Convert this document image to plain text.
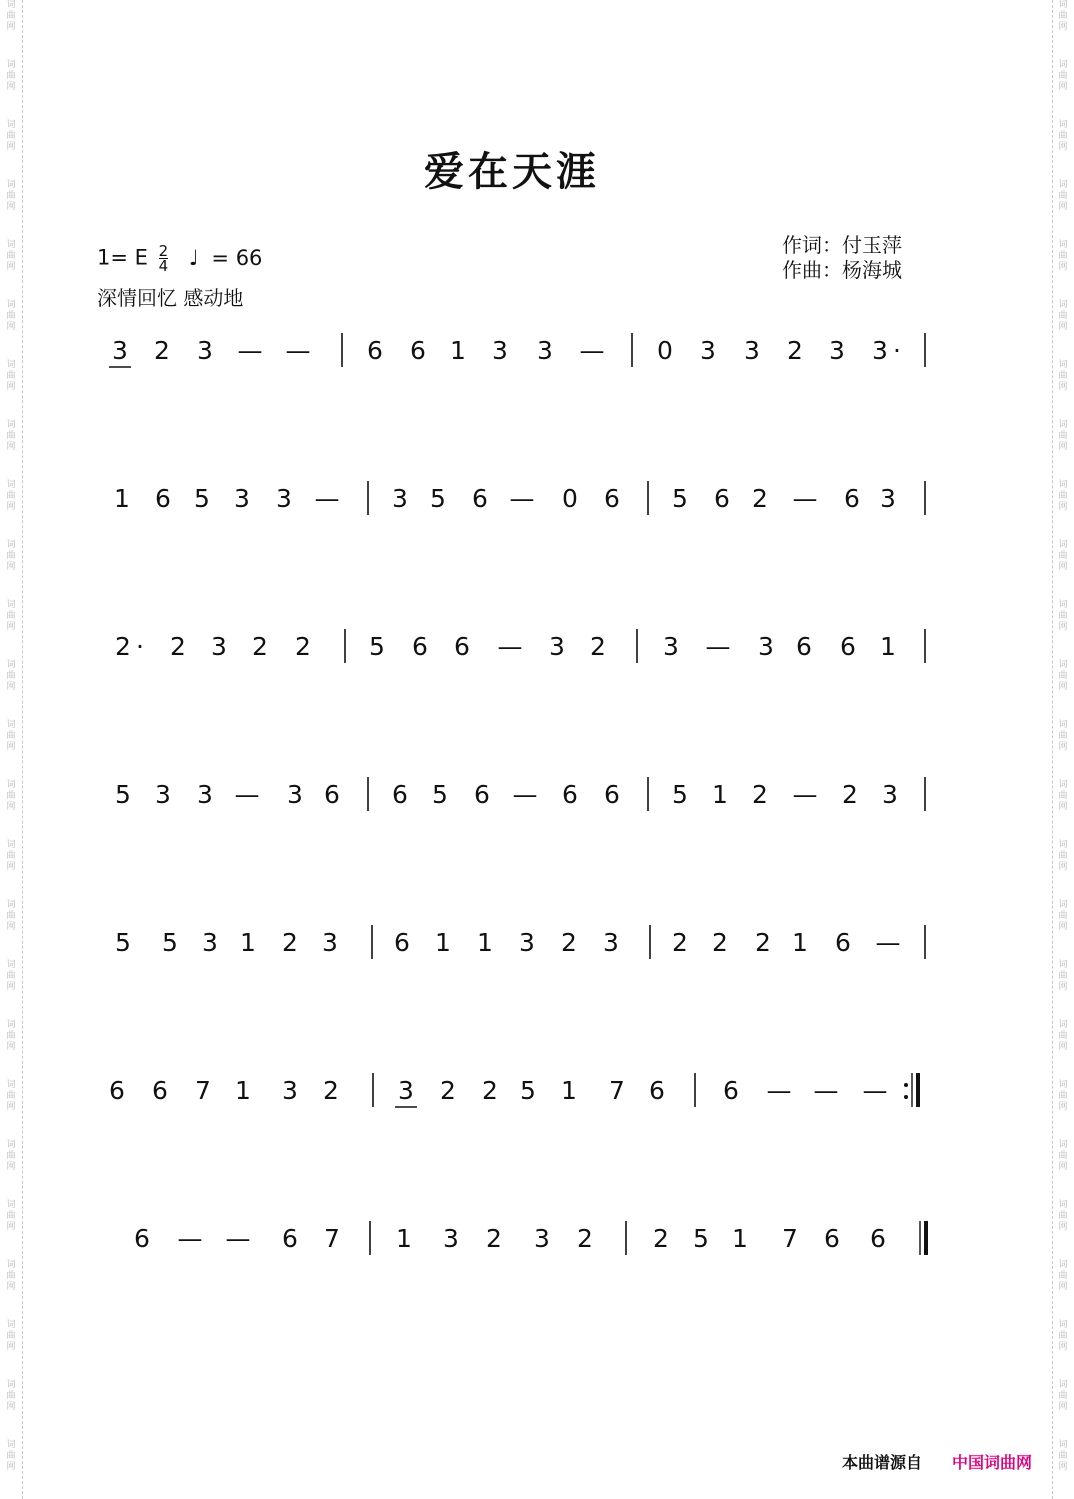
词
曲
网
词
曲
网
词
曲
网
词
曲
网
词
曲
网
词
曲
网
词
曲
网
词
曲
网
词
曲
网
词
曲
网
词
曲
网
词
曲
网
词
曲
网
词
曲
网
词
曲
网
词
曲
网
词
曲
网
词
曲
网
词
曲
网
词
曲
网
词
曲
网
词
曲
网
词
曲
网
词
曲
网
词
曲
网
词
曲
网
词
曲
网
词
曲
网
词
曲
网
词
曲
网
词
曲
网
词
曲
网
词
曲
网
词
曲
网
词
曲
网
词
曲
网
词
曲
网
词
曲
网
词
曲
网
词
曲
网
词
曲
网
词
曲
网
词
曲
网
词
曲
网
词
曲
网
词
曲
网
词
曲
网
词
曲
网
词
曲
网
词
曲
网
爱在天涯
1= E $\frac{2}{4}$ ♩ = 66
深情回忆 感动地
作词：付玉萍
作曲：杨海城
3 2 3 — — 6 6 1 3 3 — 0 3 3 2 3 3 ·
1 6 5 3 3 — 3 5 6 — 0 6 5 6 2 — 6 3
2 · 2 3 2 2 5 6 6 — 3 2 3 — 3 6 6 1
5 3 3 — 3 6 6 5 6 — 6 6 5 1 2 — 2 3
5 5 3 1 2 3 6 1 1 3 2 3 2 2 2 1 6 —
6 6 7 1 3 2 3 2 2 5 1 7 6 6 — — —
6 — — 6 7 1 3 2 3 2 2 5 1 7 6 6
本曲谱源自 中国词曲网
